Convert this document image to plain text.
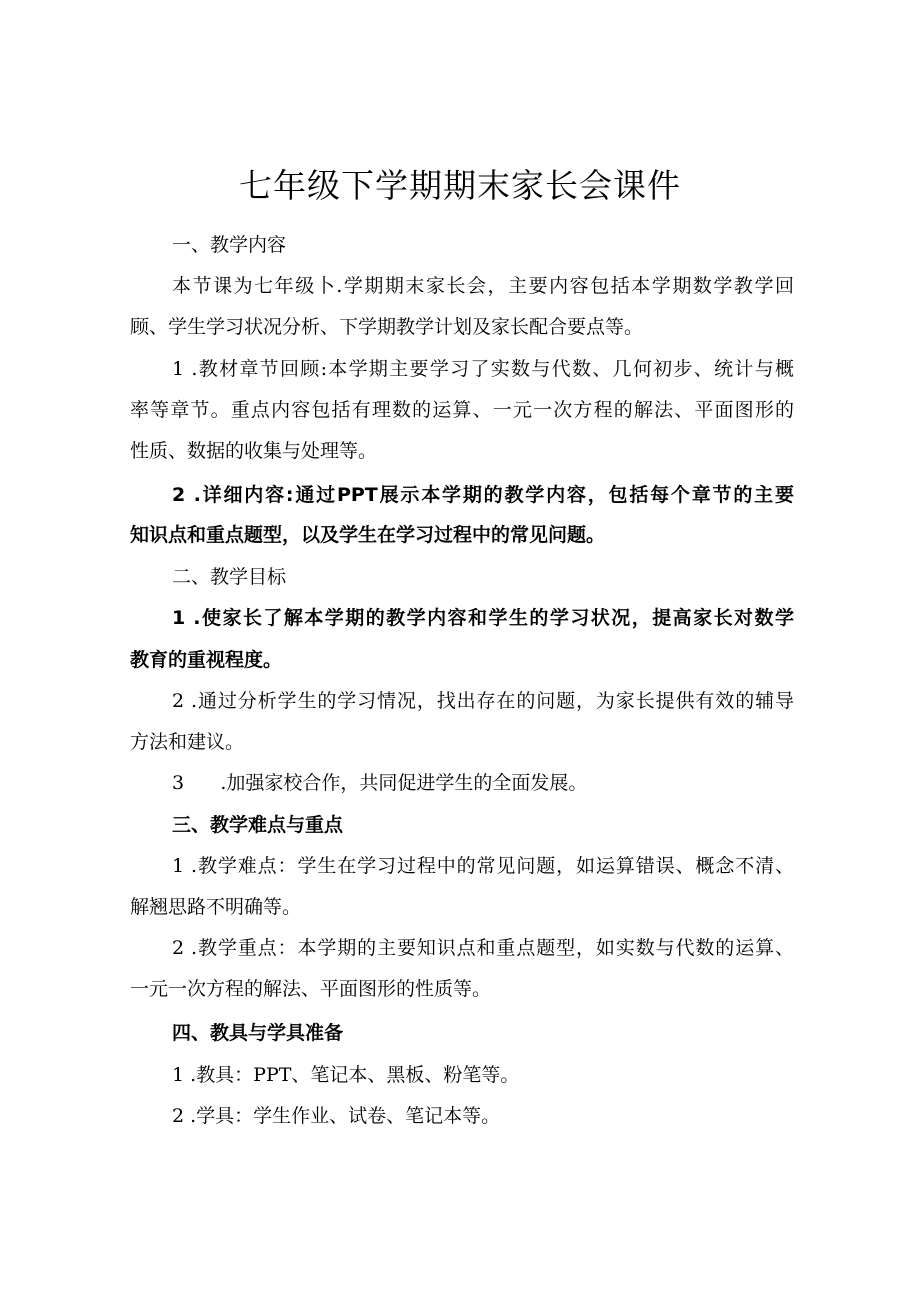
七年级下学期期末家长会课件
一、教学内容
本节课为七年级卜.学期期末家长会，主要内容包括本学期数学教学回
顾、学生学习状况分析、下学期教学计划及家长配合要点等。
1 .教材章节回顾:本学期主要学习了实数与代数、几何初步、统计与概
率等章节。重点内容包括有理数的运算、一元一次方程的解法、平面图形的
性质、数据的收集与处理等。
2 .详细内容:通过PPT展示本学期的教学内容，包括每个章节的主要
知识点和重点题型，以及学生在学习过程中的常见问题。
二、教学目标
1 .使家长了解本学期的教学内容和学生的学习状况，提高家长对数学
教育的重视程度。
2 .通过分析学生的学习情况，找出存在的问题，为家长提供有效的辅导
方法和建议。
3      .加强家校合作，共同促进学生的全面发展。
三、教学难点与重点
1 .教学难点：学生在学习过程中的常见问题，如运算错误、概念不清、
解翘思路不明确等。
2 .教学重点：本学期的主要知识点和重点题型，如实数与代数的运算、
一元一次方程的解法、平面图形的性质等。
四、教具与学具准备
1 .教具：PPT、笔记本、黑板、粉笔等。
2 .学具：学生作业、试卷、笔记本等。
